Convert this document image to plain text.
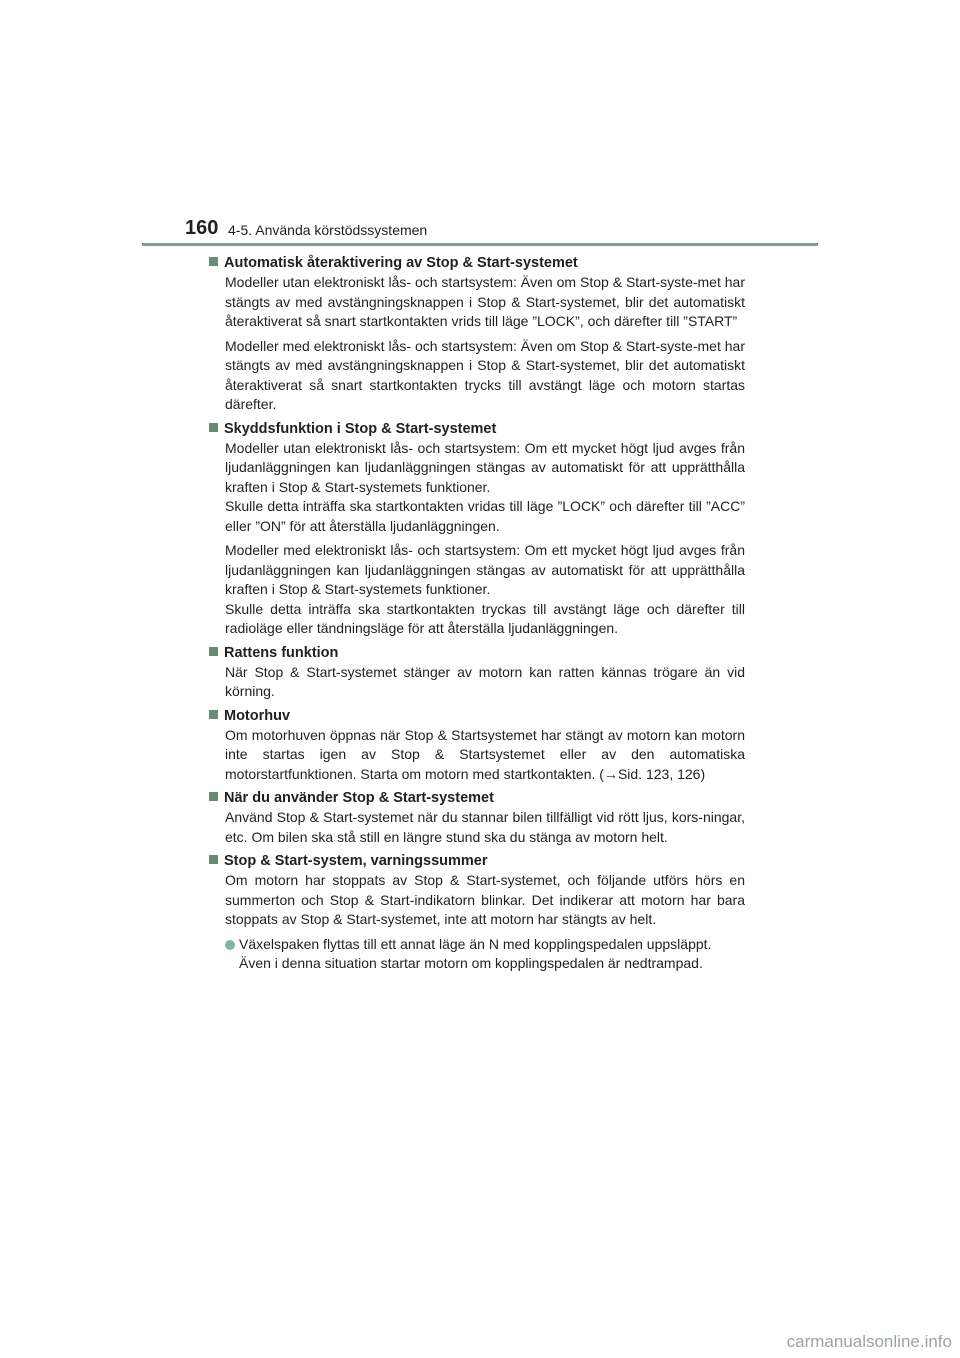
160 4-5. Använda körstödssystemen
Automatisk återaktivering av Stop & Start-systemet

Modeller utan elektroniskt lås- och startsystem: Även om Stop & Start-syste-met har stängts av med avstängningsknappen i Stop & Start-systemet, blir det automatiskt återaktiverat så snart startkontakten vrids till läge ”LOCK”, och därefter till ”START”

Modeller med elektroniskt lås- och startsystem: Även om Stop & Start-syste-met har stängts av med avstängningsknappen i Stop & Start-systemet, blir det automatiskt återaktiverat så snart startkontakten trycks till avstängt läge och motorn startas därefter.

Skyddsfunktion i Stop & Start-systemet

Modeller utan elektroniskt lås- och startsystem: Om ett mycket högt ljud avges från ljudanläggningen kan ljudanläggningen stängas av automatiskt för att upprätthålla kraften i Stop & Start-systemets funktioner.
Skulle detta inträffa ska startkontakten vridas till läge ”LOCK” och därefter till ”ACC” eller ”ON” för att återställa ljudanläggningen.

Modeller med elektroniskt lås- och startsystem: Om ett mycket högt ljud avges från ljudanläggningen kan ljudanläggningen stängas av automatiskt för att upprätthålla kraften i Stop & Start-systemets funktioner.
Skulle detta inträffa ska startkontakten tryckas till avstängt läge och därefter till radioläge eller tändningsläge för att återställa ljudanläggningen.

Rattens funktion

När Stop & Start-systemet stänger av motorn kan ratten kännas trögare än vid körning.

Motorhuv

Om motorhuven öppnas när Stop & Startsystemet har stängt av motorn kan motorn inte startas igen av Stop & Startsystemet eller av den automatiska motorstartfunktionen. Starta om motorn med startkontakten. (→Sid. 123, 126)

När du använder Stop & Start-systemet

Använd Stop & Start-systemet när du stannar bilen tillfälligt vid rött ljus, kors-ningar, etc. Om bilen ska stå still en längre stund ska du stänga av motorn helt.

Stop & Start-system, varningssummer

Om motorn har stoppats av Stop & Start-systemet, och följande utförs hörs en summerton och Stop & Start-indikatorn blinkar. Det indikerar att motorn har bara stoppats av Stop & Start-systemet, inte att motorn har stängts av helt.

Växelspaken flyttas till ett annat läge än N med kopplingspedalen uppsläppt.
Även i denna situation startar motorn om kopplingspedalen är nedtrampad.
carmanualsonline.info
